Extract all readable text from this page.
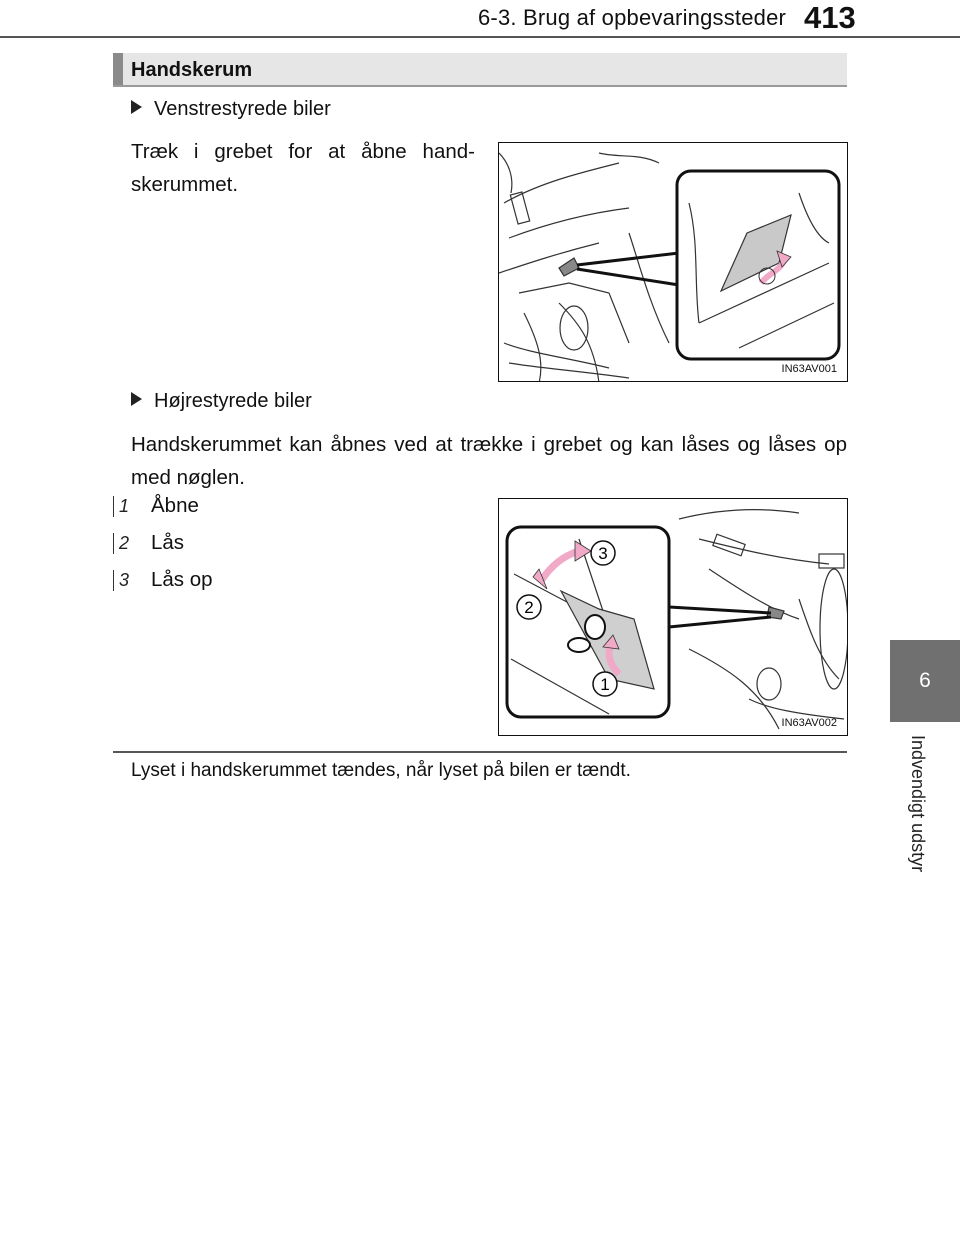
6-3. Brug af opbevaringssteder 413
6
Indvendigt udstyr
Handskerum
Venstrestyrede biler
Træk i grebet for at åbne hand-skerummet.
IN63AV001
Højrestyrede biler
Handskerummet kan åbnes ved at trække i grebet og kan låses og låses op med nøglen.
1 Åbne
2 Lås
3 Lås op
3
2
1
IN63AV002
Lyset i handskerummet tændes, når lyset på bilen er tændt.
